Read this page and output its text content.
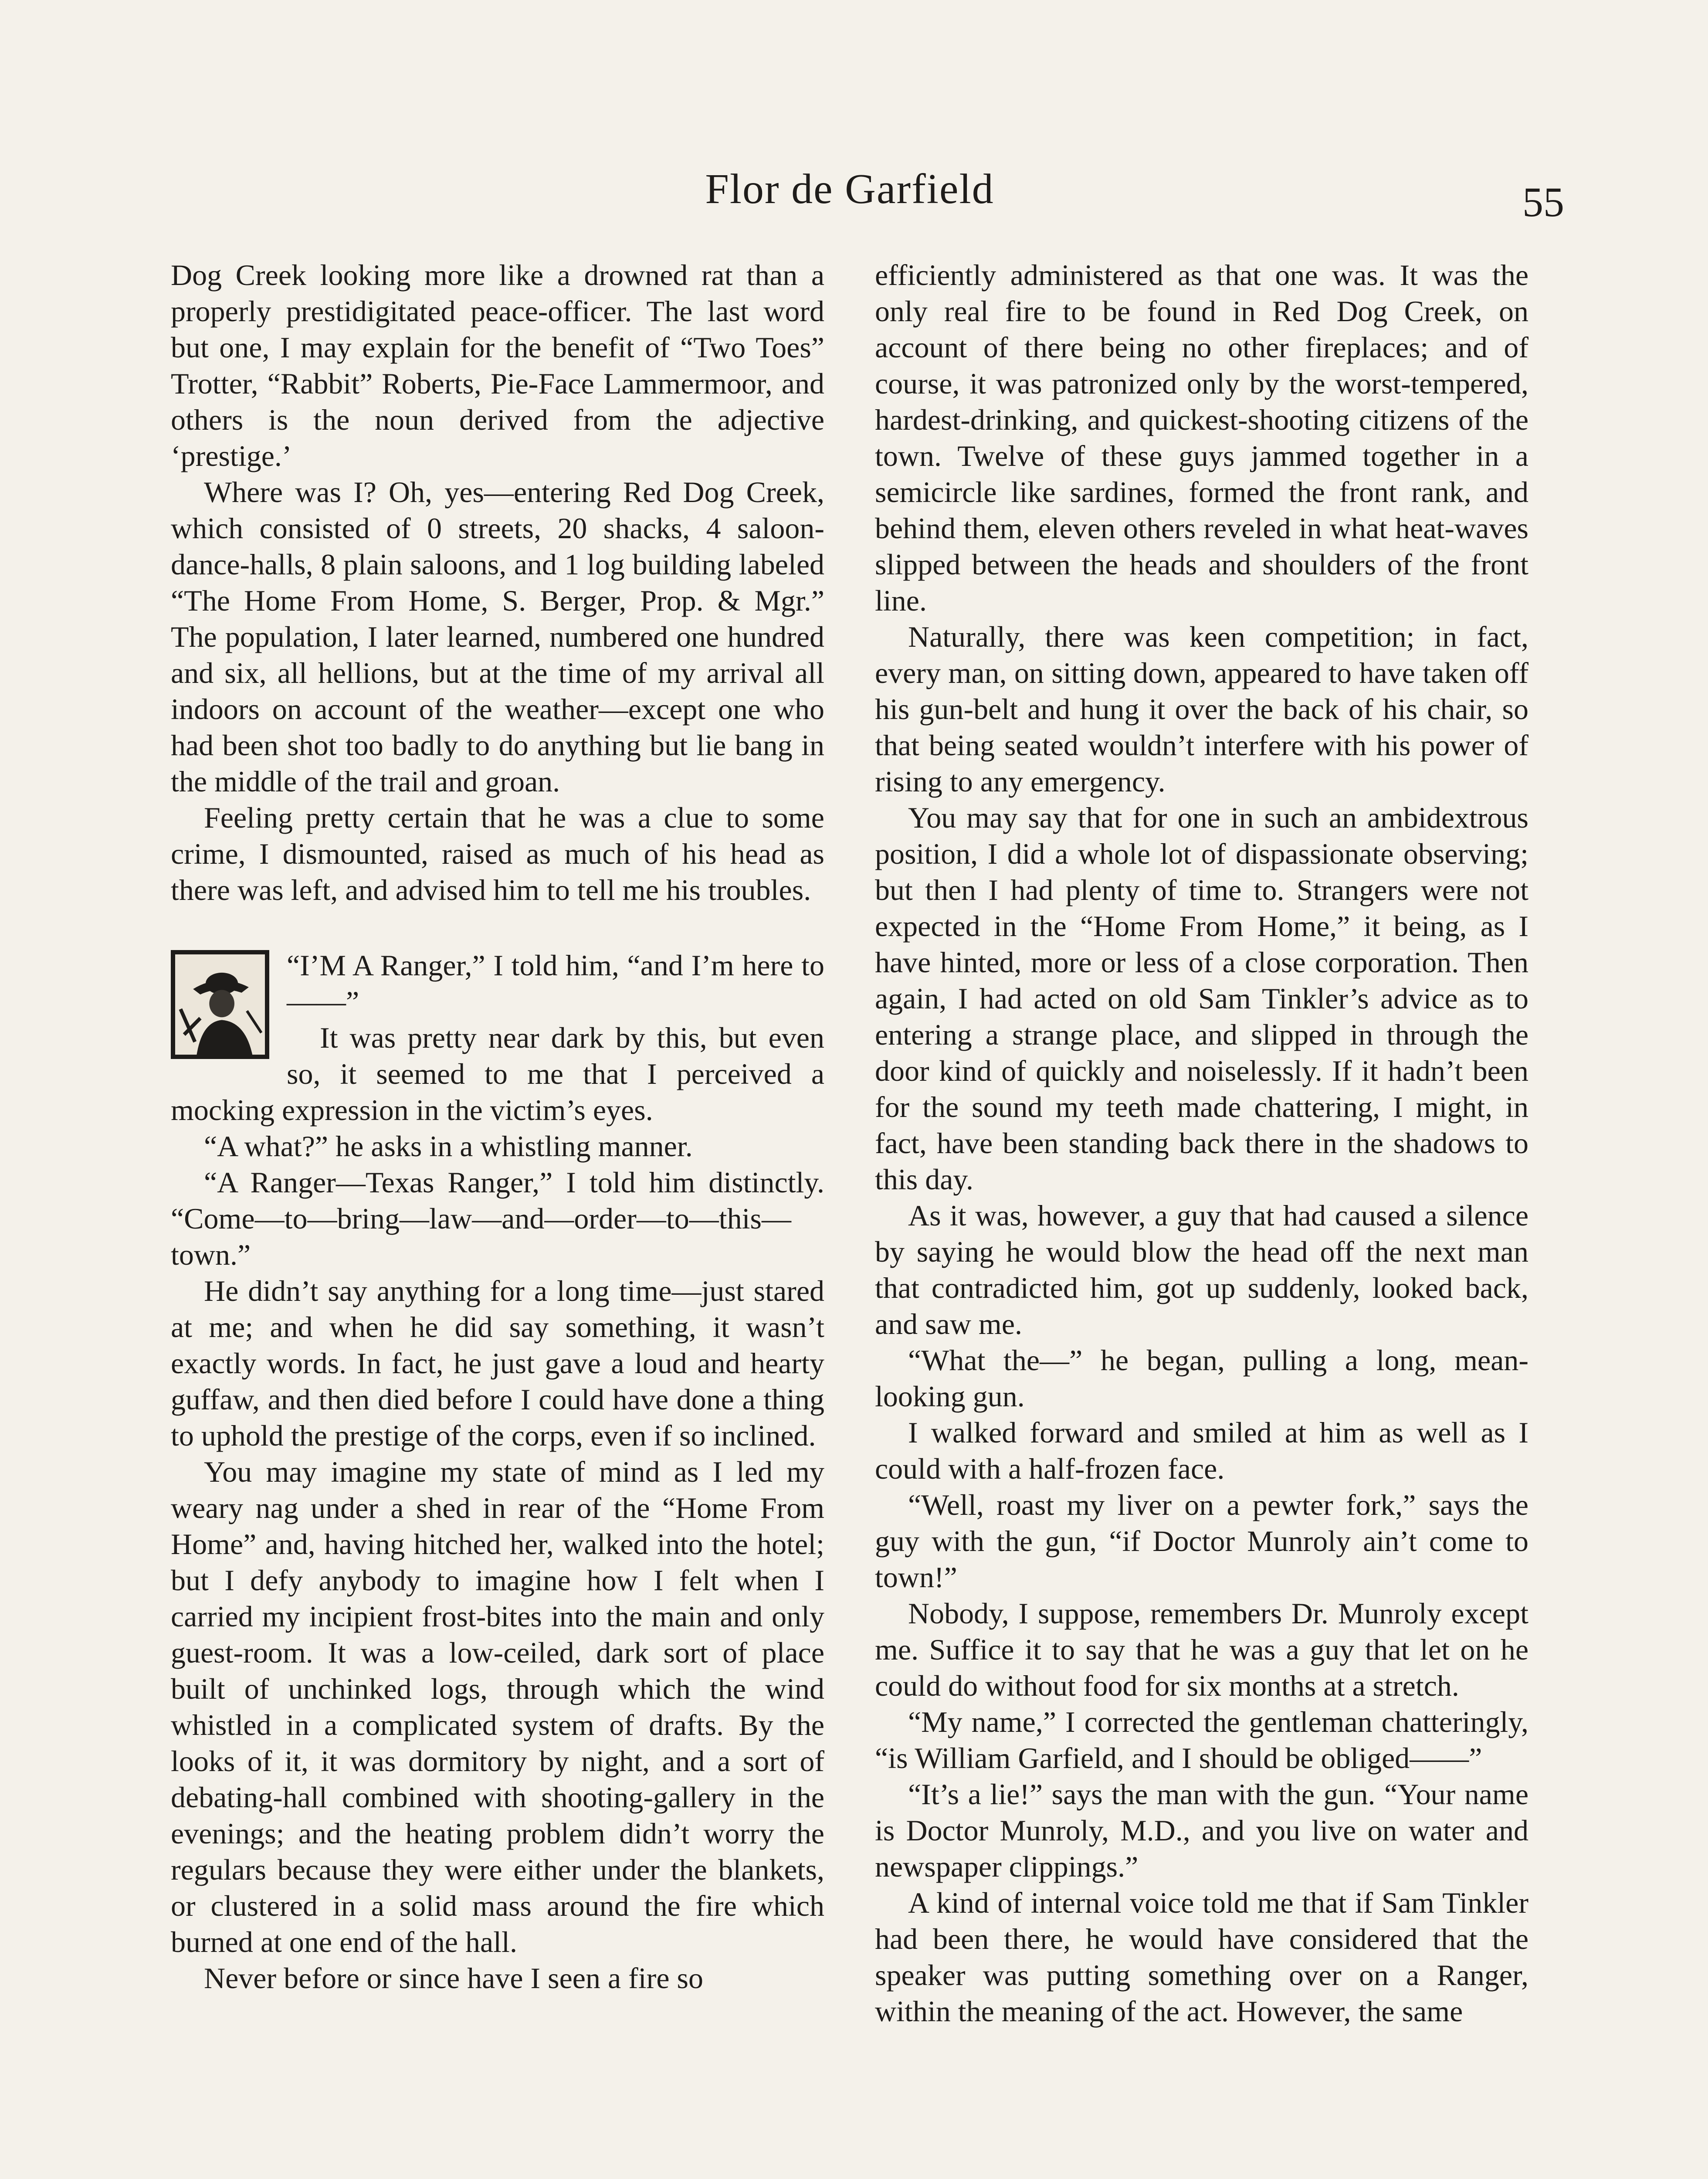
Flor de Garfield	55

Dog Creek looking more like a drowned rat than a properly prestidigitated peace-officer. The last word but one, I may explain for the benefit of “Two Toes” Trotter, “Rabbit” Roberts, Pie-Face Lammermoor, and others is the noun derived from the adjective ‘prestige.’

Where was I? Oh, yes—entering Red Dog Creek, which consisted of 0 streets, 20 shacks, 4 saloon-dance-halls, 8 plain saloons, and 1 log building labeled “The Home From Home, S. Berger, Prop. & Mgr.” The population, I later learned, numbered one hundred and six, all hellions, but at the time of my arrival all indoors on account of the weather—except one who had been shot too badly to do anything but lie bang in the middle of the trail and groan.

Feeling pretty certain that he was a clue to some crime, I dismounted, raised as much of his head as there was left, and advised him to tell me his troubles.

“I’M A Ranger,” I told him, “and I’m here to——”

It was pretty near dark by this, but even so, it seemed to me that I perceived a mocking expression in the victim’s eyes.

“A what?” he asks in a whistling manner.

“A Ranger—Texas Ranger,” I told him distinctly. “Come—to—bring—law—and—order—to—this—town.”

He didn’t say anything for a long time—just stared at me; and when he did say something, it wasn’t exactly words. In fact, he just gave a loud and hearty guffaw, and then died before I could have done a thing to uphold the prestige of the corps, even if so inclined.

You may imagine my state of mind as I led my weary nag under a shed in rear of the “Home From Home” and, having hitched her, walked into the hotel; but I defy anybody to imagine how I felt when I carried my incipient frost-bites into the main and only guest-room. It was a low-ceiled, dark sort of place built of unchinked logs, through which the wind whistled in a complicated system of drafts. By the looks of it, it was dormitory by night, and a sort of debating-hall combined with shooting-gallery in the evenings; and the heating problem didn’t worry the regulars because they were either under the blankets, or clustered in a solid mass around the fire which burned at one end of the hall.

Never before or since have I seen a fire so

efficiently administered as that one was. It was the only real fire to be found in Red Dog Creek, on account of there being no other fireplaces; and of course, it was patronized only by the worst-tempered, hardest-drinking, and quickest-shooting citizens of the town. Twelve of these guys jammed together in a semicircle like sardines, formed the front rank, and behind them, eleven others reveled in what heat-waves slipped between the heads and shoulders of the front line.

Naturally, there was keen competition; in fact, every man, on sitting down, appeared to have taken off his gun-belt and hung it over the back of his chair, so that being seated wouldn’t interfere with his power of rising to any emergency.

You may say that for one in such an ambidextrous position, I did a whole lot of dispassionate observing; but then I had plenty of time to. Strangers were not expected in the “Home From Home,” it being, as I have hinted, more or less of a close corporation. Then again, I had acted on old Sam Tinkler’s advice as to entering a strange place, and slipped in through the door kind of quickly and noiselessly. If it hadn’t been for the sound my teeth made chattering, I might, in fact, have been standing back there in the shadows to this day.

As it was, however, a guy that had caused a silence by saying he would blow the head off the next man that contradicted him, got up suddenly, looked back, and saw me.

“What the—” he began, pulling a long, mean-looking gun.

I walked forward and smiled at him as well as I could with a half-frozen face.

“Well, roast my liver on a pewter fork,” says the guy with the gun, “if Doctor Munroly ain’t come to town!”

Nobody, I suppose, remembers Dr. Munroly except me. Suffice it to say that he was a guy that let on he could do without food for six months at a stretch.

“My name,” I corrected the gentleman chatteringly, “is William Garfield, and I should be obliged——”

“It’s a lie!” says the man with the gun. “Your name is Doctor Munroly, M.D., and you live on water and newspaper clippings.”

A kind of internal voice told me that if Sam Tinkler had been there, he would have considered that the speaker was putting something over on a Ranger, within the meaning of the act. However, the same
